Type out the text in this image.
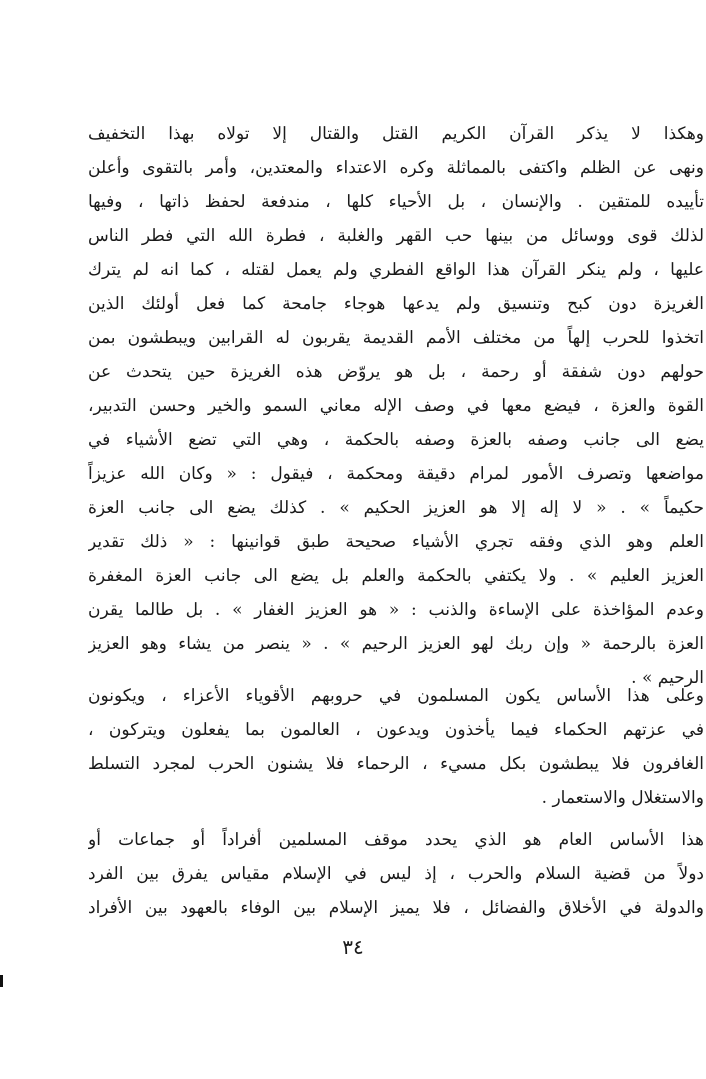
وهكذا لا يذكر القرآن الكريم القتل والقتال إلا تولاه بهذا التخفيف
ونهى عن الظلم واكتفى بالمماثلة وكره الاعتداء والمعتدين، وأمر بالتقوى وأعلن
تأييده للمتقين . والإنسان ، بل الأحياء كلها ، مندفعة لحفظ ذاتها ، وفيها
لذلك قوى ووسائل من بينها حب القهر والغلبة ، فطرة الله التي فطر الناس
عليها ، ولم ينكر القرآن هذا الواقع الفطري ولم يعمل لقتله ، كما انه لم يترك
الغريزة دون كبح وتنسيق ولم يدعها هوجاء جامحة كما فعل أولئك الذين
اتخذوا للحرب إلهاً من مختلف الأمم القديمة يقربون له القرابين ويبطشون بمن
حولهم دون شفقة أو رحمة ، بل هو يروّض هذه الغريزة حين يتحدث عن
القوة والعزة ، فيضع معها في وصف الإله معاني السمو والخير وحسن التدبير،
يضع الى جانب وصفه بالعزة وصفه بالحكمة ، وهي التي تضع الأشياء في
مواضعها وتصرف الأمور لمرام دقيقة ومحكمة ، فيقول : « وكان الله عزيزاً
حكيماً » . « لا إله إلا هو العزيز الحكيم » . كذلك يضع الى جانب العزة
العلم وهو الذي وفقه تجري الأشياء صحيحة طبق قوانينها : « ذلك تقدير
العزيز العليم » . ولا يكتفي بالحكمة والعلم بل يضع الى جانب العزة المغفرة
وعدم المؤاخذة على الإساءة والذنب : « هو العزيز الغفار » . بل طالما يقرن
العزة بالرحمة « وإن ربك لهو العزيز الرحيم » . « ينصر من يشاء وهو العزيز
الرحيم » .
وعلى هذا الأساس يكون المسلمون في حروبهم الأقوياء الأعزاء ، ويكونون
في عزتهم الحكماء فيما يأخذون ويدعون ، العالمون بما يفعلون ويتركون ،
الغافرون فلا يبطشون بكل مسيء ، الرحماء فلا يشنون الحرب لمجرد التسلط
والاستغلال والاستعمار .
هذا الأساس العام هو الذي يحدد موقف المسلمين أفراداً أو جماعات أو
دولاً من قضية السلام والحرب ، إذ ليس في الإسلام مقياس يفرق بين الفرد
والدولة في الأخلاق والفضائل ، فلا يميز الإسلام بين الوفاء بالعهود بين الأفراد
٣٤
